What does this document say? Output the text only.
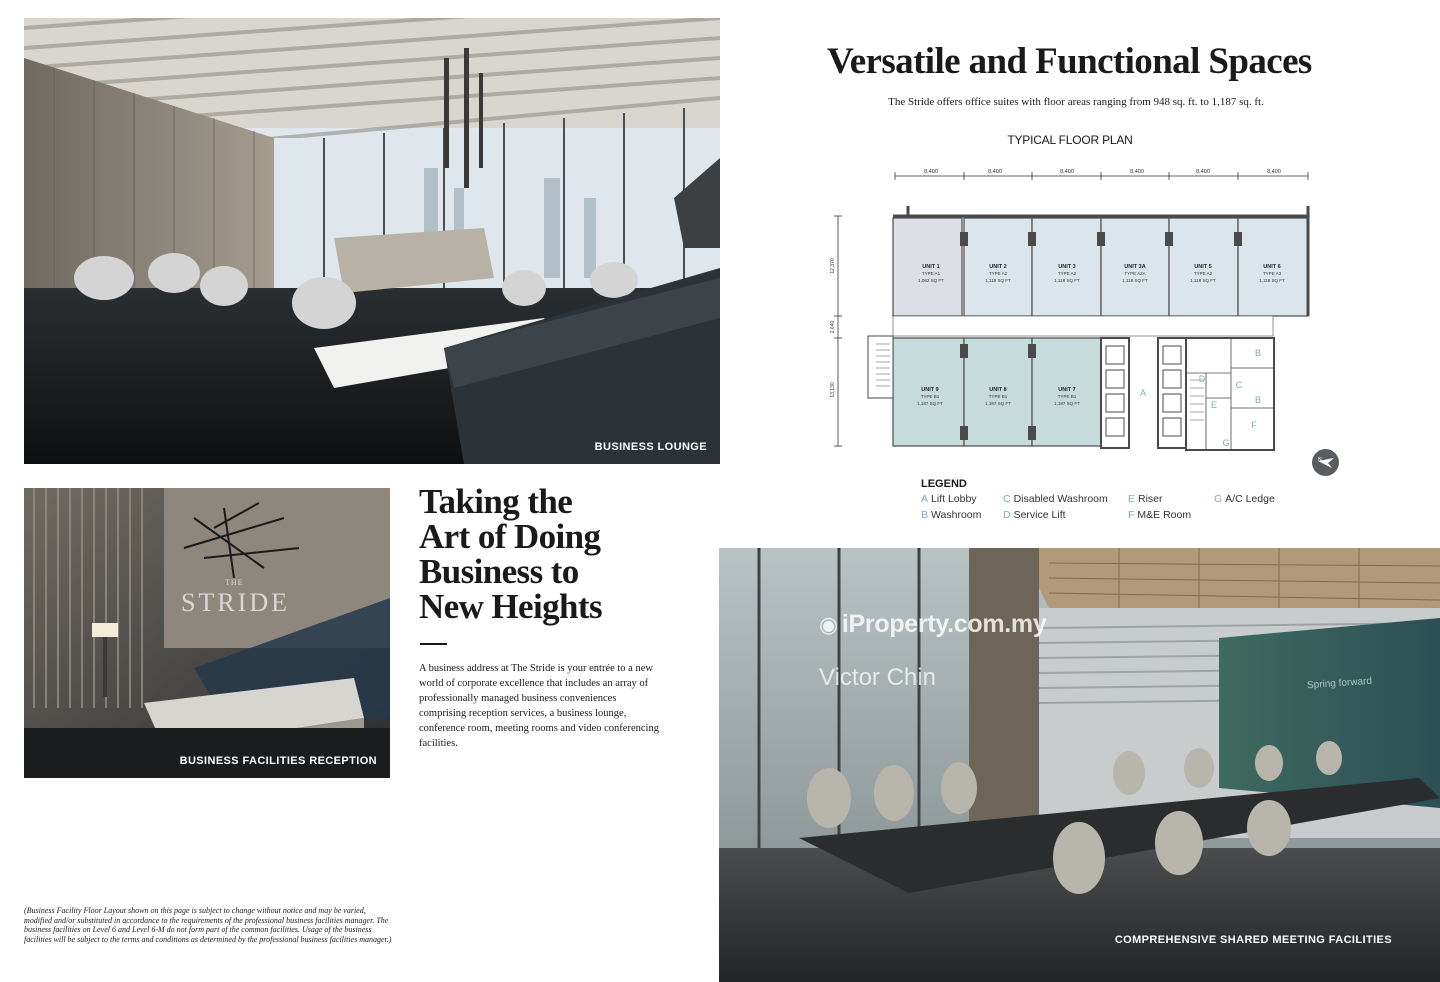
BUSINESS LOUNGE
Versatile and Functional Spaces
The Stride offers office suites with floor areas ranging from 948 sq. ft. to 1,187 sq. ft.
TYPICAL FLOOR PLAN
8,400	8,400	8,400	8,400	8,400	8,400
12,370
2,640
13,130
UNIT 1	UNIT 2	UNIT 3	UNIT 3A	UNIT 5	UNIT 6
TYPE A1	TYPE A2	TYPE A2	TYPE A2A	TYPE A2	TYPE A3
1,082 SQ FT	1,118 SQ FT	1,118 SQ FT	1,118 SQ FT	1,118 SQ FT	1,118 SQ FT
UNIT 9	UNIT 8	UNIT 7
TYPE B1	TYPE B1	TYPE B1
1,187 SQ FT	1,187 SQ FT	1,187 SQ FT
A
B
B
C
D
E
F
G
N
LEGEND
A Lift Lobby
B Washroom
C Disabled Washroom
D Service Lift
E Riser
F M&E Room
G A/C Ledge
THE
STRIDE
BUSINESS FACILITIES RECEPTION
Taking the
Art of Doing
Business to
New Heights

A business address at The Stride is your entrée to a new world of corporate excellence that includes an array of professionally managed business conveniences comprising reception services, a business lounge, conference room, meeting rooms and video conferencing facilities.

(Business Facility Floor Layout shown on this page is subject to change without notice and may be varied, modified and/or substituted in accordance to the requirements of the professional business facilities manager. The business facilities on Level 6 and Level 6-M do not form part of the common facilities. Usage of the business facilities will be subject to the terms and conditions as determined by the professional business facilities manager.)

Spring forward
◉ iProperty.com.my
Victor Chin
COMPREHENSIVE SHARED MEETING FACILITIES
